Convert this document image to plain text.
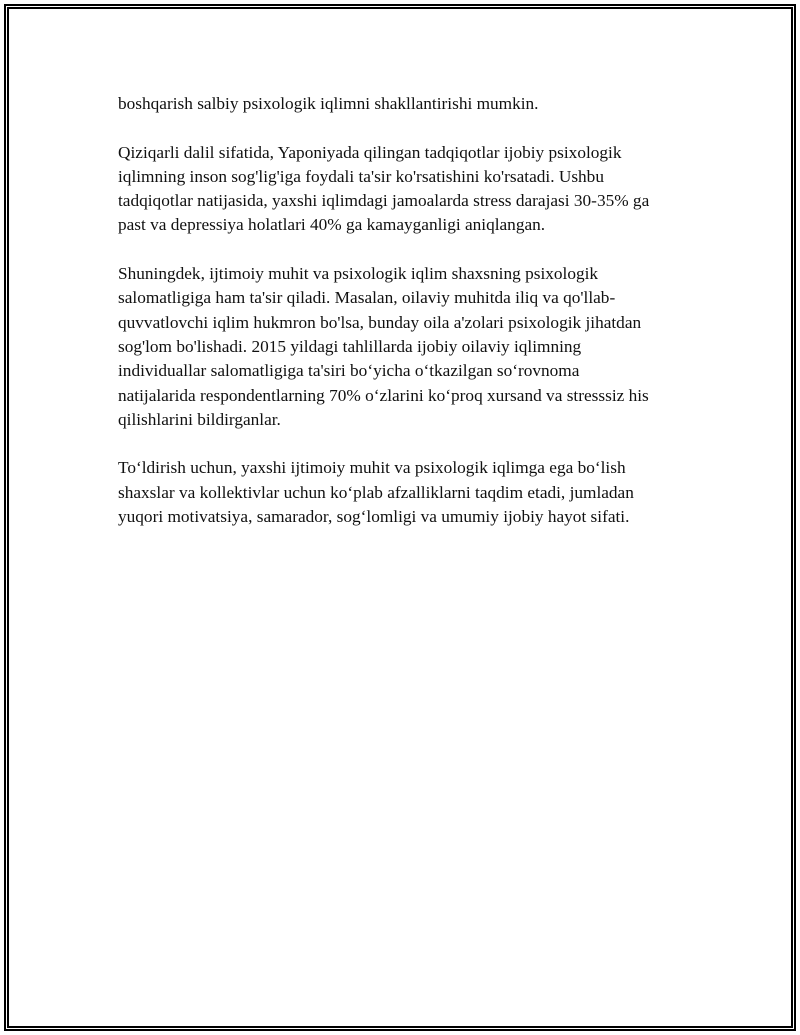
boshqarish salbiy psixologik iqlimni shakllantirishi mumkin.

Qiziqarli dalil sifatida, Yaponiyada qilingan tadqiqotlar ijobiy psixologik
iqlimning inson sog'lig'iga foydali ta'sir ko'rsatishini ko'rsatadi. Ushbu
tadqiqotlar natijasida, yaxshi iqlimdagi jamoalarda stress darajasi 30-35% ga
past va depressiya holatlari 40% ga kamayganligi aniqlangan.

Shuningdek, ijtimoiy muhit va psixologik iqlim shaxsning psixologik
salomatligiga ham ta'sir qiladi. Masalan, oilaviy muhitda iliq va qo'llab-
quvvatlovchi iqlim hukmron bo'lsa, bunday oila a'zolari psixologik jihatdan
sog'lom bo'lishadi. 2015 yildagi tahlillarda ijobiy oilaviy iqlimning
individuallar salomatligiga ta'siri bo‘yicha o‘tkazilgan so‘rovnoma
natijalarida respondentlarning 70% o‘zlarini ko‘proq xursand va stresssiz his
qilishlarini bildirganlar.

To‘ldirish uchun, yaxshi ijtimoiy muhit va psixologik iqlimga ega bo‘lish
shaxslar va kollektivlar uchun ko‘plab afzalliklarni taqdim etadi, jumladan
yuqori motivatsiya, samarador, sog‘lomligi va umumiy ijobiy hayot sifati.
